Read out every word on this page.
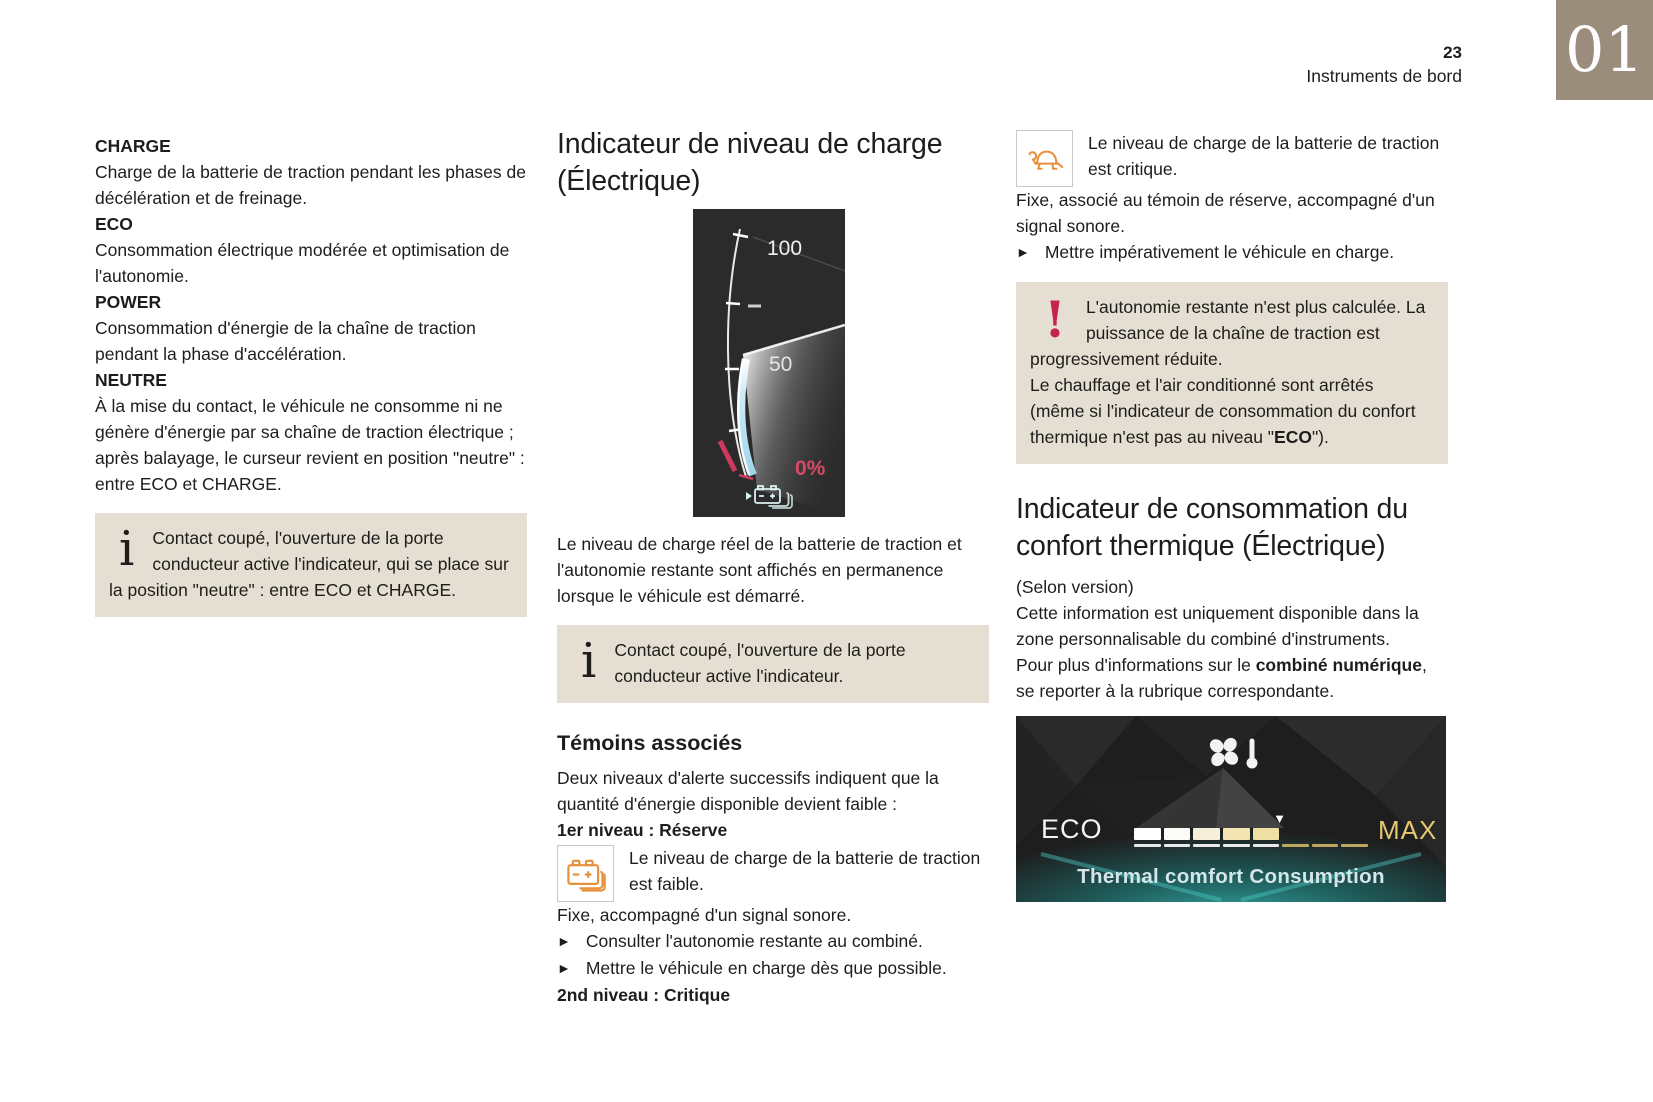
01
23
Instruments de bord

CHARGE

Charge de la batterie de traction pendant les phases de décélération et de freinage.

ECO

Consommation électrique modérée et optimisation de l'autonomie.

POWER

Consommation d'énergie de la chaîne de traction pendant la phase d'accélération.

NEUTRE

À la mise du contact, le véhicule ne consomme ni ne génère d'énergie par sa chaîne de traction électrique ; après balayage, le curseur revient en position "neutre" : entre ECO et CHARGE.

i Contact coupé, l'ouverture de la porte conducteur active l'indicateur, qui se place sur la position "neutre" : entre ECO et CHARGE.
Indicateur de niveau de charge (Électrique)
100
50
0%

Le niveau de charge réel de la batterie de traction et l'autonomie restante sont affichés en permanence lorsque le véhicule est démarré.

i Contact coupé, l'ouverture de la porte conducteur active l'indicateur.
Témoins associés

Deux niveaux d'alerte successifs indiquent que la quantité d'énergie disponible devient faible :

1er niveau : Réserve

Le niveau de charge de la batterie de traction est faible.

Fixe, accompagné d'un signal sonore.

► Consulter l'autonomie restante au combiné.

► Mettre le véhicule en charge dès que possible.

2nd niveau : Critique

Le niveau de charge de la batterie de traction est critique.

Fixe, associé au témoin de réserve, accompagné d'un signal sonore.

► Mettre impérativement le véhicule en charge.

! L'autonomie restante n'est plus calculée. La puissance de la chaîne de traction est progressivement réduite.
Le chauffage et l'air conditionné sont arrêtés (même si l'indicateur de consommation du confort thermique n'est pas au niveau "ECO").
Indicateur de consommation du confort thermique (Électrique)

(Selon version)

Cette information est uniquement disponible dans la zone personnalisable du combiné d'instruments.

Pour plus d'informations sur le combiné numérique, se reporter à la rubrique correspondante.

ECO	MAX
▼
Thermal comfort Consumption
